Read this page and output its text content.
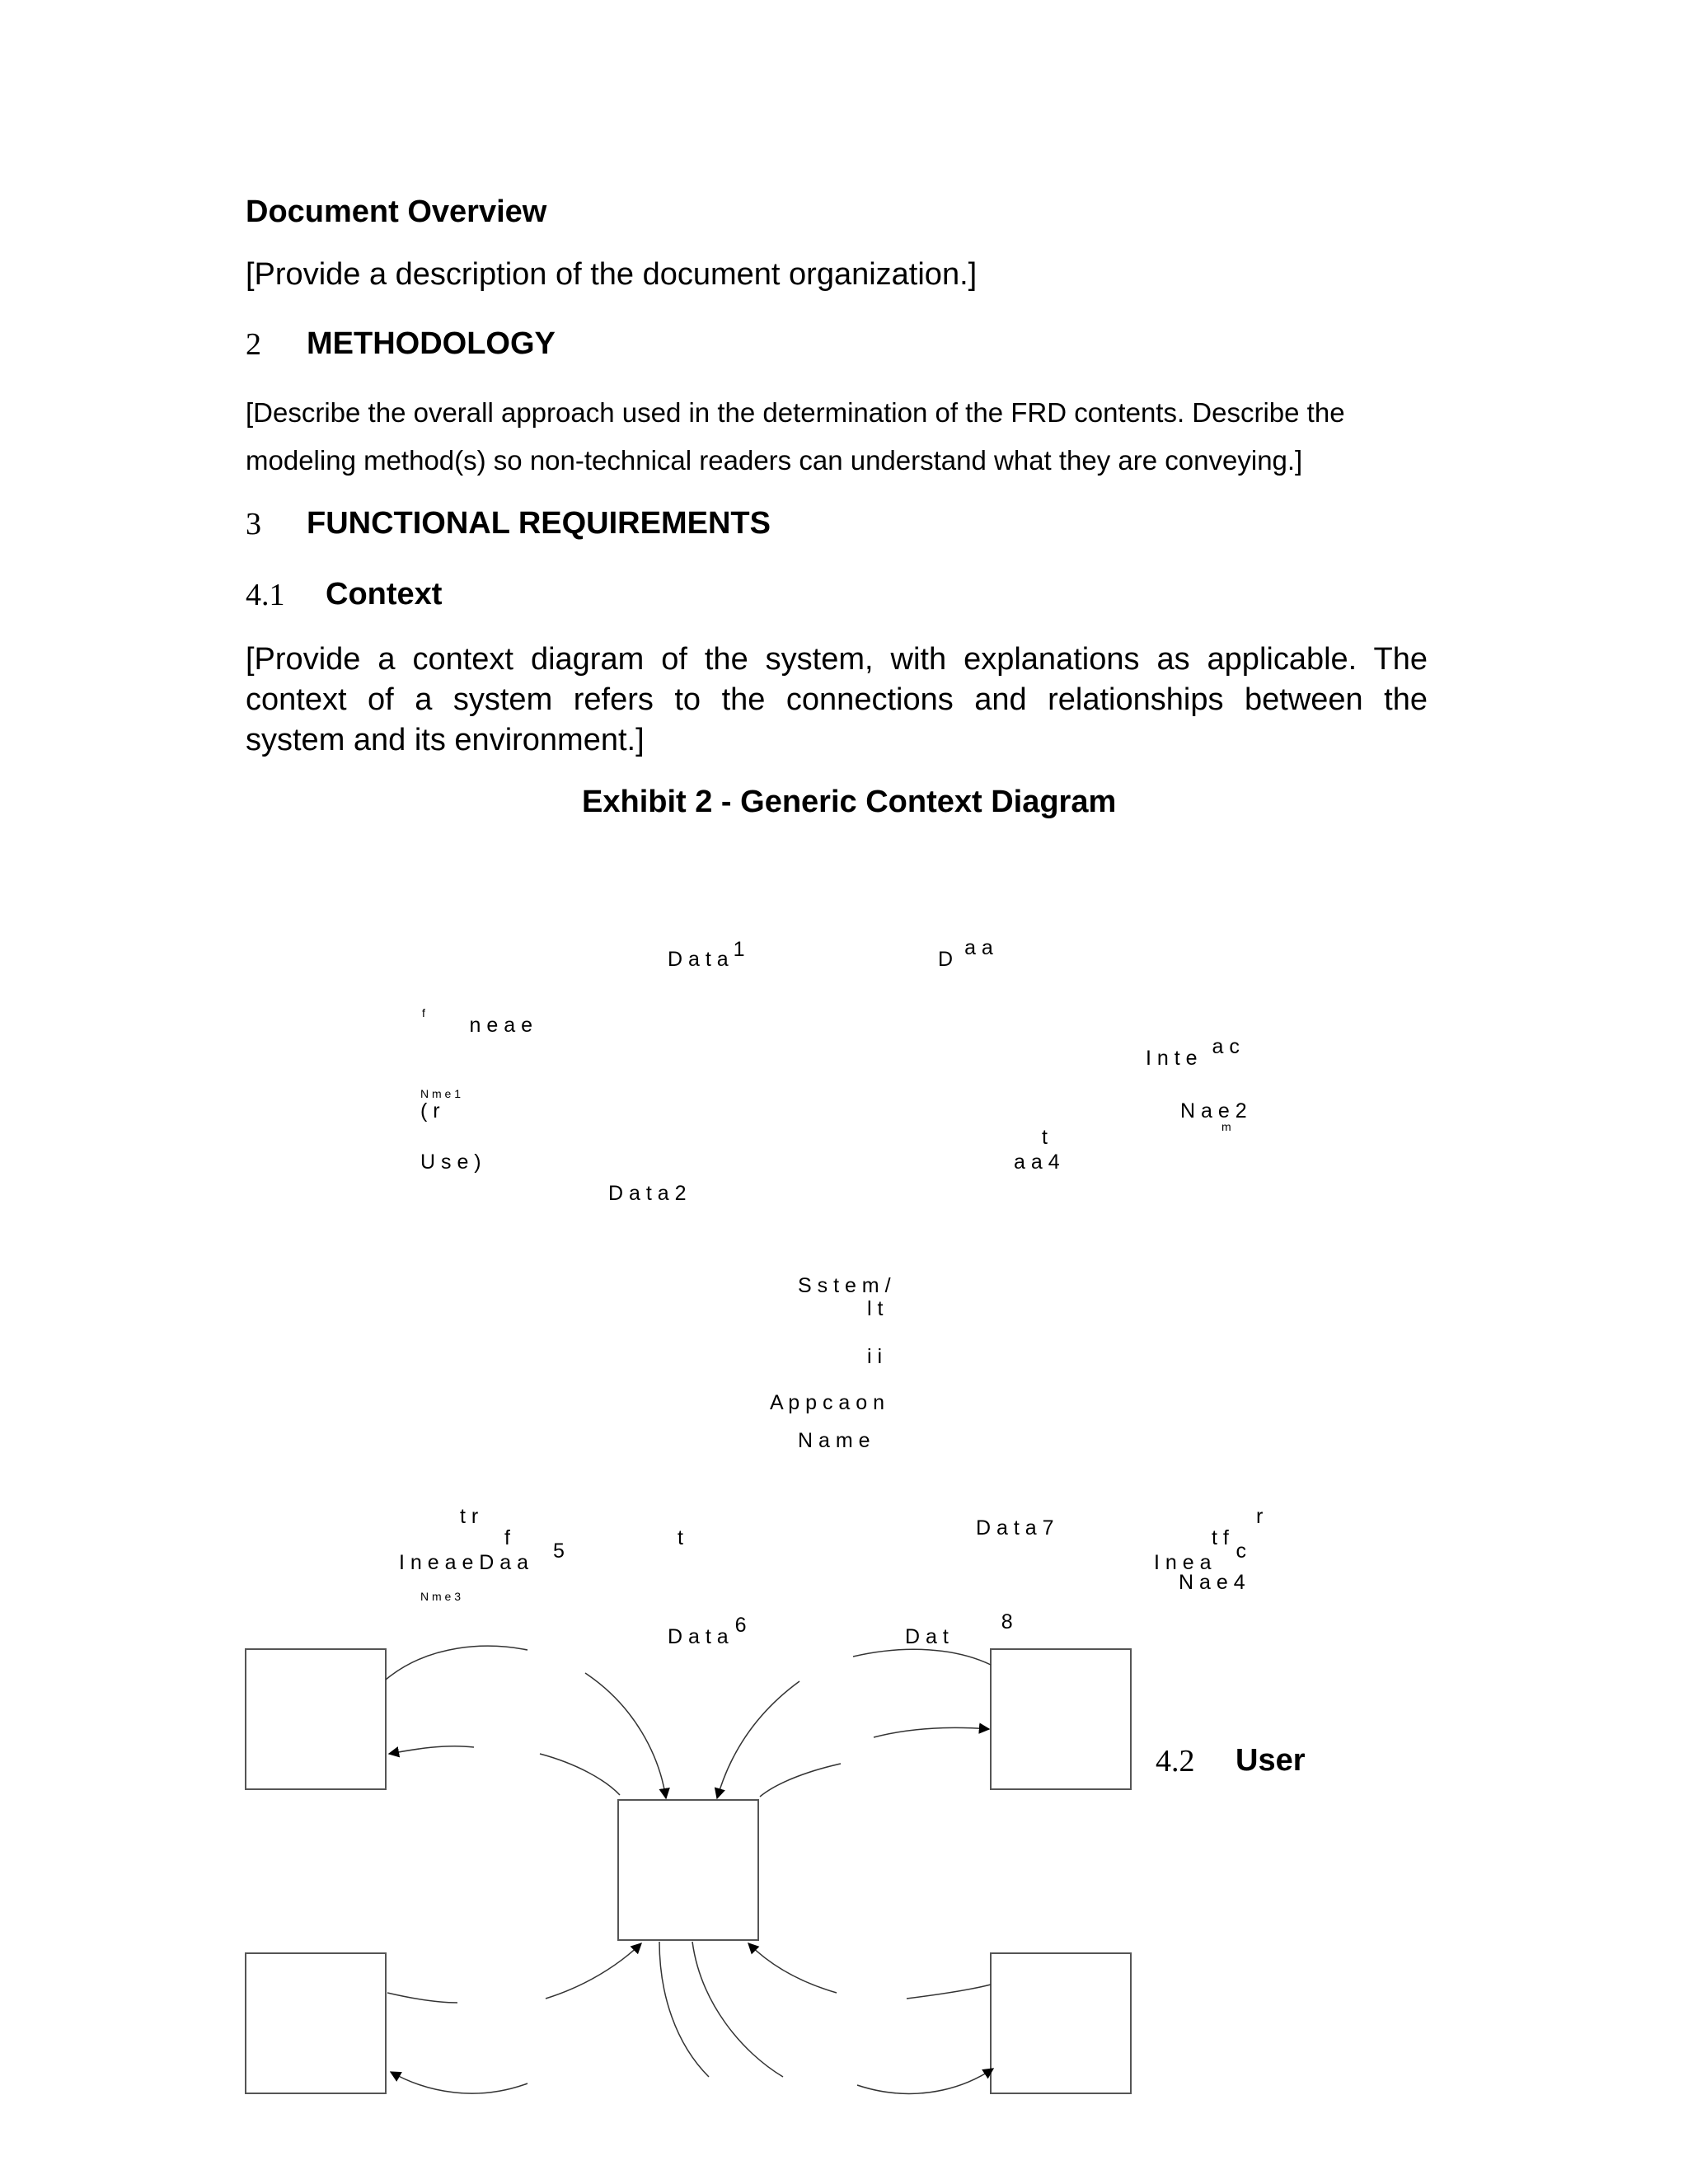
Document Overview

[Provide a description of the document organization.]

2 METHODOLOGY

[Describe the overall approach used in the determination of the FRD contents. Describe the

modeling method(s) so non-technical readers can understand what they are conveying.]

3 FUNCTIONAL REQUIREMENTS
4.1 Context
[Provide a context diagram of the system, with explanations as applicable. The
context of a system refers to the connections and relationships between the
system and its environment.]
Exhibit 2 - Generic Context Diagram
4.2 User
D a t a 1	D a a
n e a ef
I n t e a c
N m e 1
( r	N a e 2
m
t
U s e )	a a 4
D a t a 2
S s t e m /
l t
i i
A p p c a o n
N a m e
t r	r
f	t	D a t a 7	t f
I n e a e D a a 5	I n e a c
N a e 4
N m e 3
D a t a 6	D a t8
